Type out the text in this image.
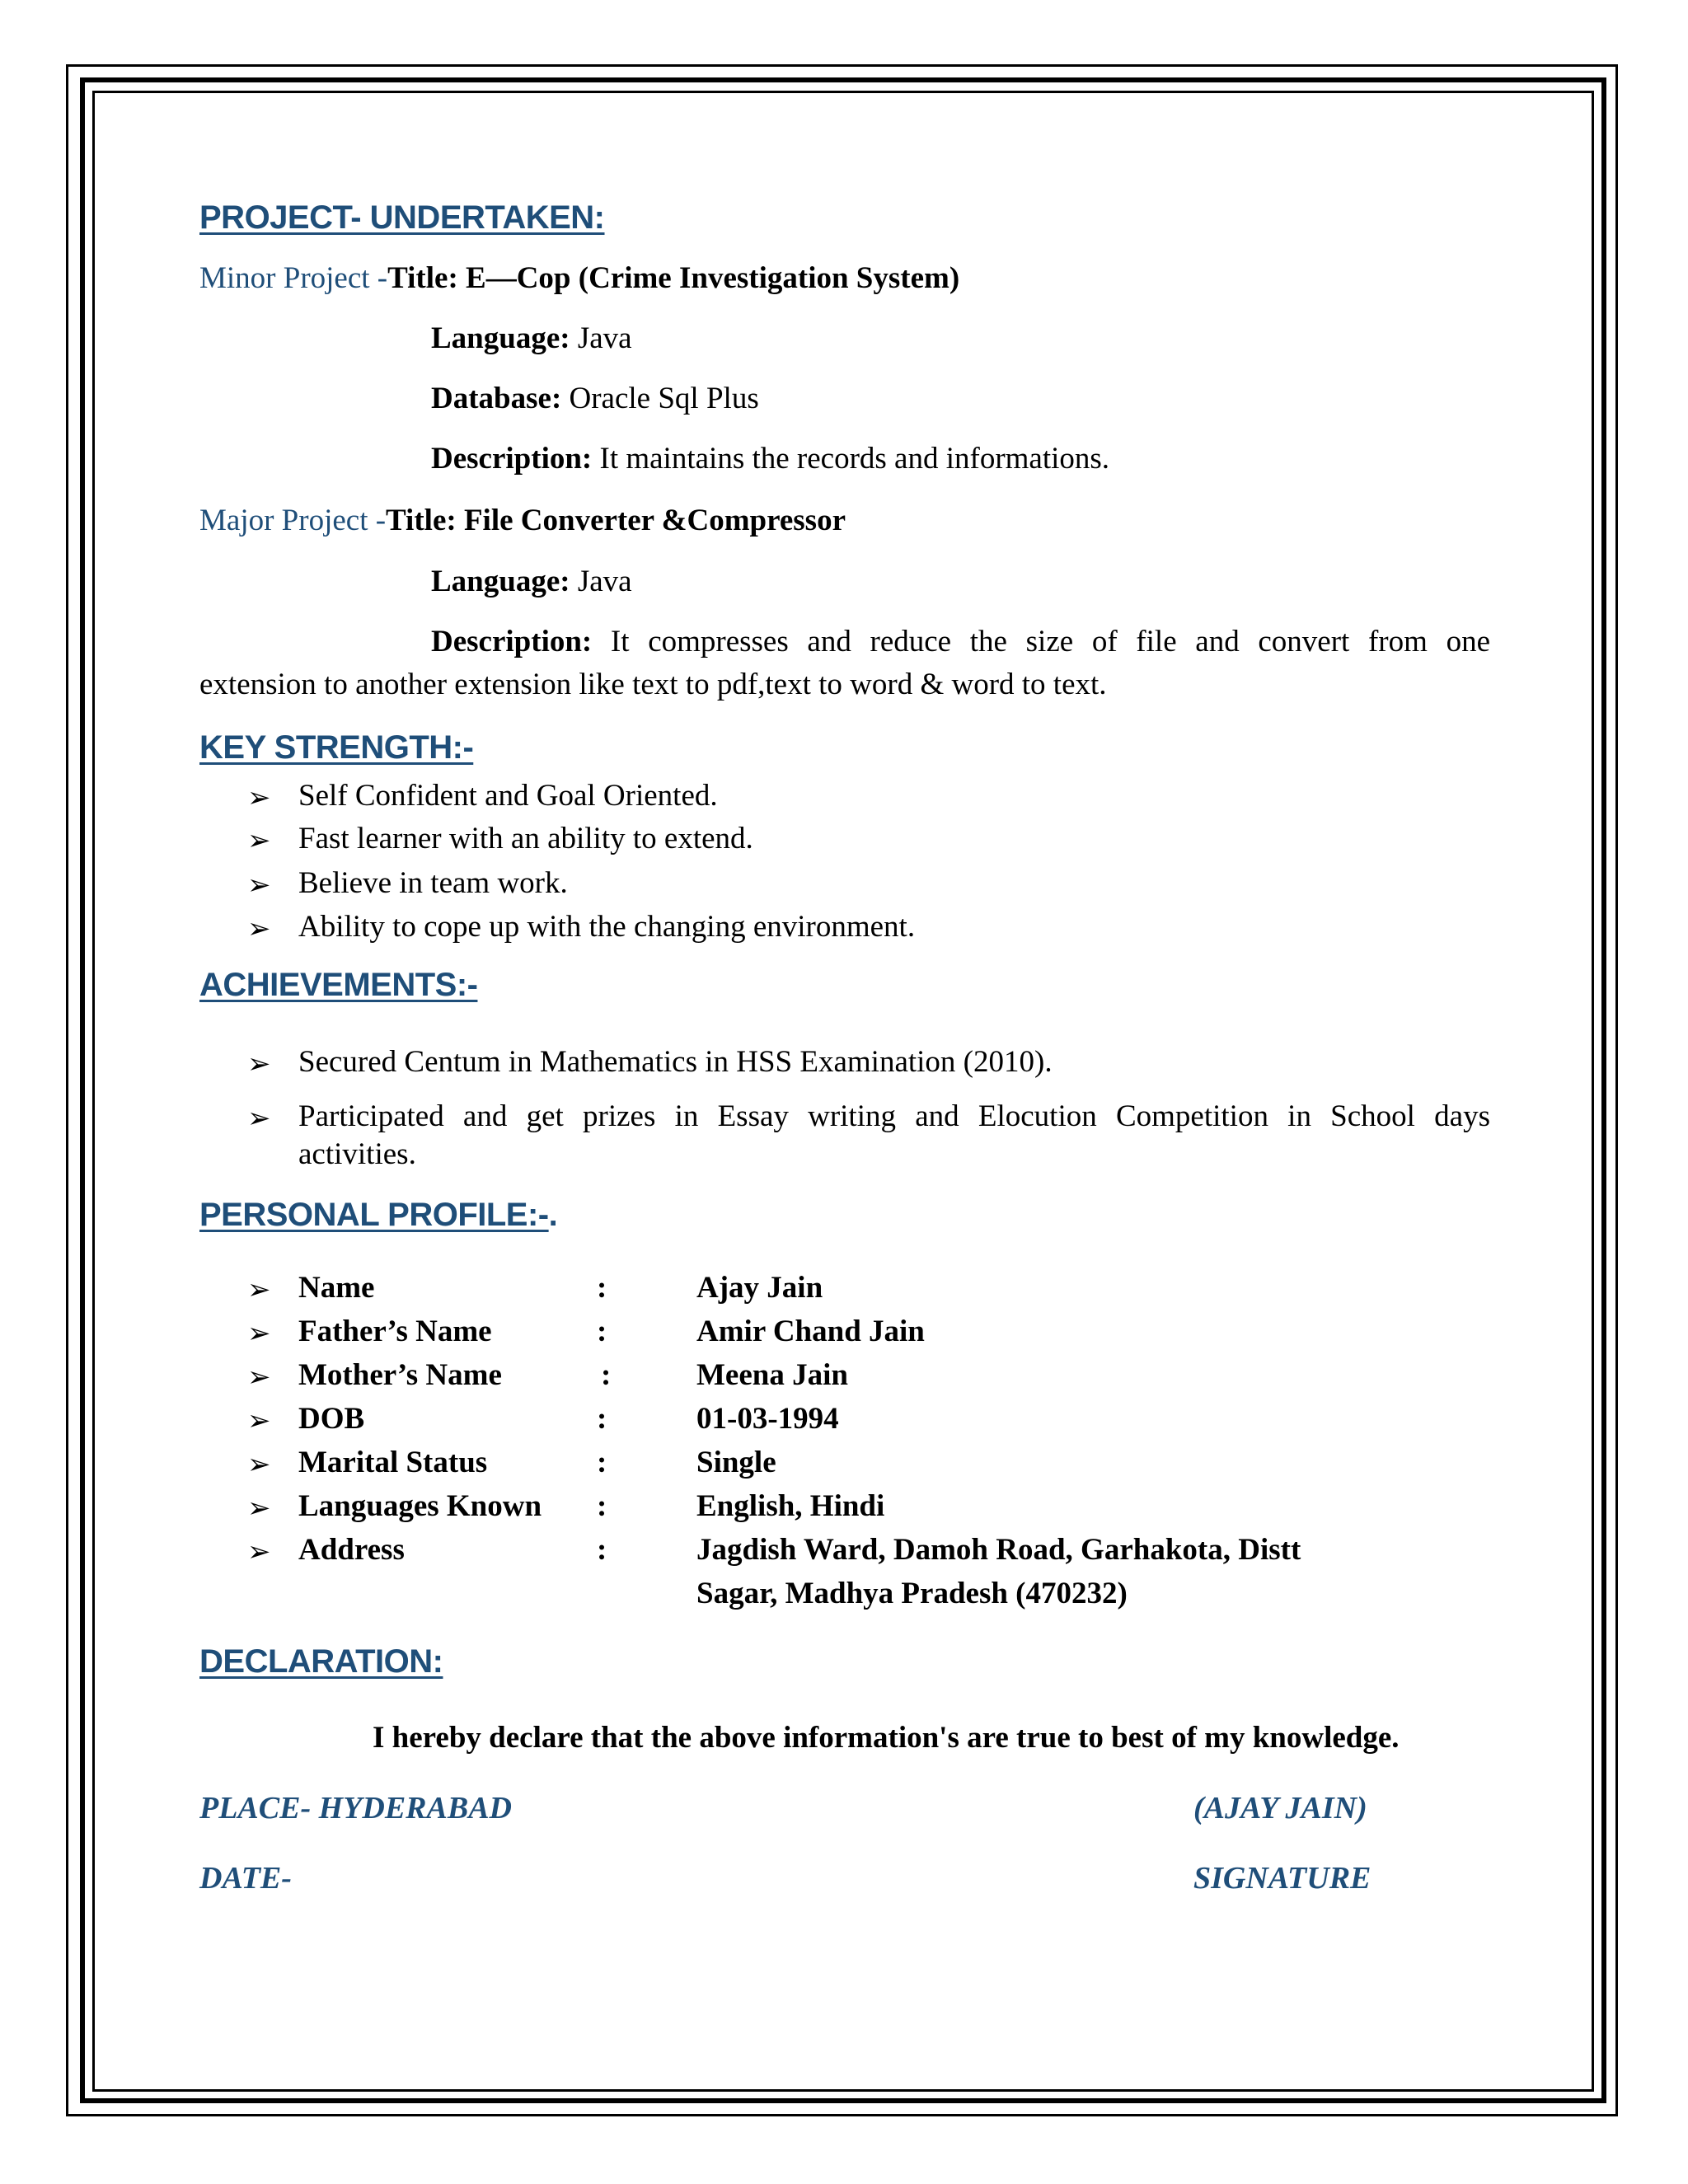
PROJECT- UNDERTAKEN:
Minor Project -Title: E—Cop (Crime Investigation System)
Language: Java
Database: Oracle Sql Plus
Description: It maintains the records and informations.
Major Project -Title: File Converter &Compressor
Language: Java
Description: It compresses and reduce the size of file and convert from one
extension to another extension like text to pdf,text to word & word to text.
KEY STRENGTH:-
➢ Self Confident and Goal Oriented.
➢ Fast learner with an ability to extend.
➢ Believe in team work.
➢ Ability to cope up with the changing environment.
ACHIEVEMENTS:-
➢ Secured Centum in Mathematics in HSS Examination (2010).
➢ Participated and get prizes in Essay writing and Elocution Competition in School days
activities.
PERSONAL PROFILE:-.
➢ Name	:	Ajay Jain
➢ Father’s Name	:	Amir Chand Jain
➢ Mother’s Name	:	Meena Jain
➢ DOB	:	01-03-1994
➢ Marital Status	:	Single
➢ Languages Known :	English, Hindi
➢ Address	:	Jagdish Ward, Damoh Road, Garhakota, Distt
Sagar, Madhya Pradesh (470232)
DECLARATION:
I hereby declare that the above information's are true to best of my knowledge.
PLACE- HYDERABAD	(AJAY JAIN)
DATE-	SIGNATURE
